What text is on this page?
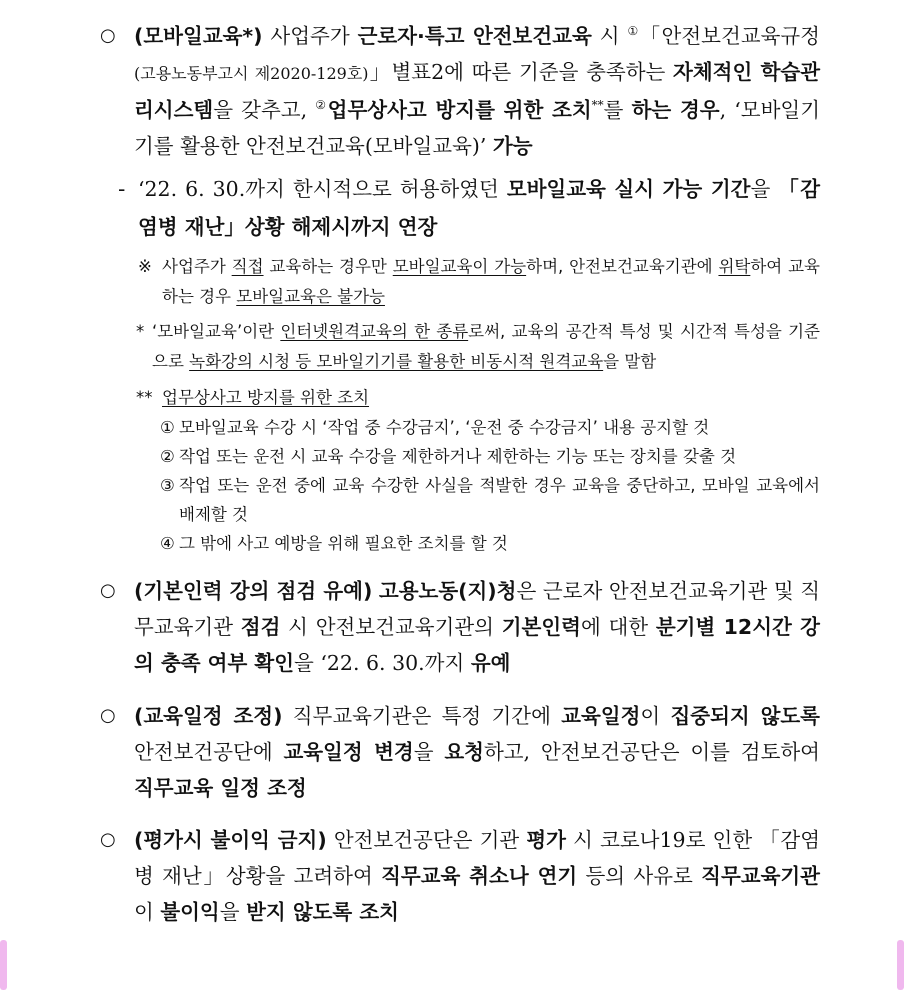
○ (모바일교육*) 사업주가 근로자·특고 안전보건교육 시 ①「안전보건교육규정(고용노동부고시 제2020-129호)」별표2에 따른 기준을 충족하는 자체적인 학습관리시스템을 갖추고, ②업무상사고 방지를 위한 조치**를 하는 경우, ‘모바일기기를 활용한 안전보건교육(모바일교육)’ 가능
- ‘22. 6. 30.까지 한시적으로 허용하였던 모바일교육 실시 가능 기간을 「감염병 재난」상황 해제시까지 연장
※ 사업주가 직접 교육하는 경우만 모바일교육이 가능하며, 안전보건교육기관에 위탁하여 교육하는 경우 모바일교육은 불가능
* ‘모바일교육’이란 인터넷원격교육의 한 종류로써, 교육의 공간적 특성 및 시간적 특성을 기준으로 녹화강의 시청 등 모바일기기를 활용한 비동시적 원격교육을 말함
** 업무상사고 방지를 위한 조치
① 모바일교육 수강 시 ‘작업 중 수강금지’, ‘운전 중 수강금지’ 내용 공지할 것
② 작업 또는 운전 시 교육 수강을 제한하거나 제한하는 기능 또는 장치를 갖출 것
③ 작업 또는 운전 중에 교육 수강한 사실을 적발한 경우 교육을 중단하고, 모바일 교육에서 배제할 것
④ 그 밖에 사고 예방을 위해 필요한 조치를 할 것
○ (기본인력 강의 점검 유예) 고용노동(지)청은 근로자 안전보건교육기관 및 직무교육기관 점검 시 안전보건교육기관의 기본인력에 대한 분기별 12시간 강의 충족 여부 확인을 ‘22. 6. 30.까지 유예
○ (교육일정 조정) 직무교육기관은 특정 기간에 교육일정이 집중되지 않도록 안전보건공단에 교육일정 변경을 요청하고, 안전보건공단은 이를 검토하여 직무교육 일정 조정
○ (평가시 불이익 금지) 안전보건공단은 기관 평가 시 코로나19로 인한 「감염병 재난」상황을 고려하여 직무교육 취소나 연기 등의 사유로 직무교육기관이 불이익을 받지 않도록 조치
